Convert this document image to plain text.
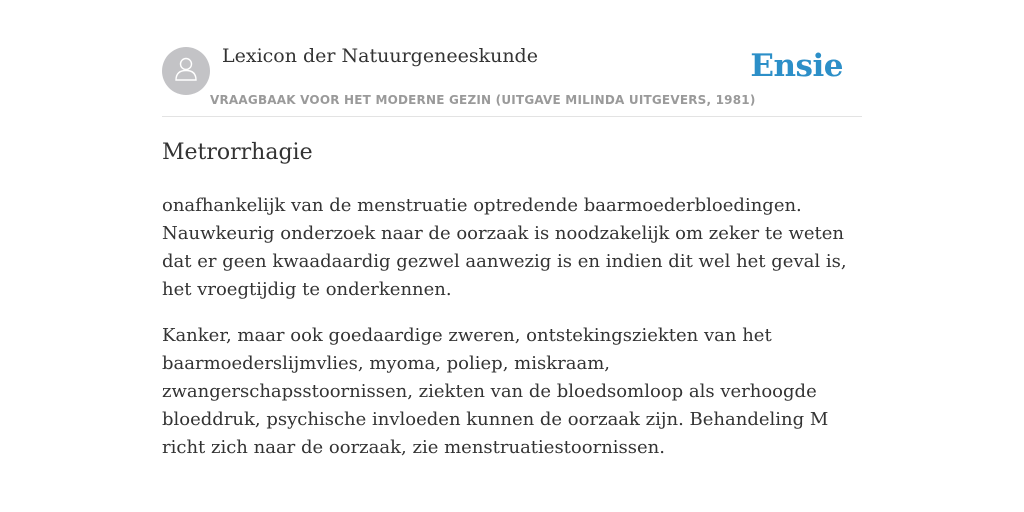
Lexicon der Natuurgeneeskunde
VRAAGBAAK VOOR HET MODERNE GEZIN (UITGAVE MILINDA UITGEVERS, 1981)
Ensie
Metrorrhagie

onafhankelijk van de menstruatie optredende baarmoederbloedingen. Nauwkeurig onderzoek naar de oorzaak is noodzakelijk om zeker te weten dat er geen kwaadaardig gezwel aanwezig is en indien dit wel het geval is, het vroegtijdig te onderkennen.

Kanker, maar ook goedaardige zweren, ontstekingsziekten van het baarmoederslijmvlies, myoma, poliep, miskraam, zwangerschapsstoornissen, ziekten van de bloedsomloop als verhoogde bloeddruk, psychische invloeden kunnen de oorzaak zijn. Behandeling M richt zich naar de oorzaak, zie menstruatiestoornissen.
